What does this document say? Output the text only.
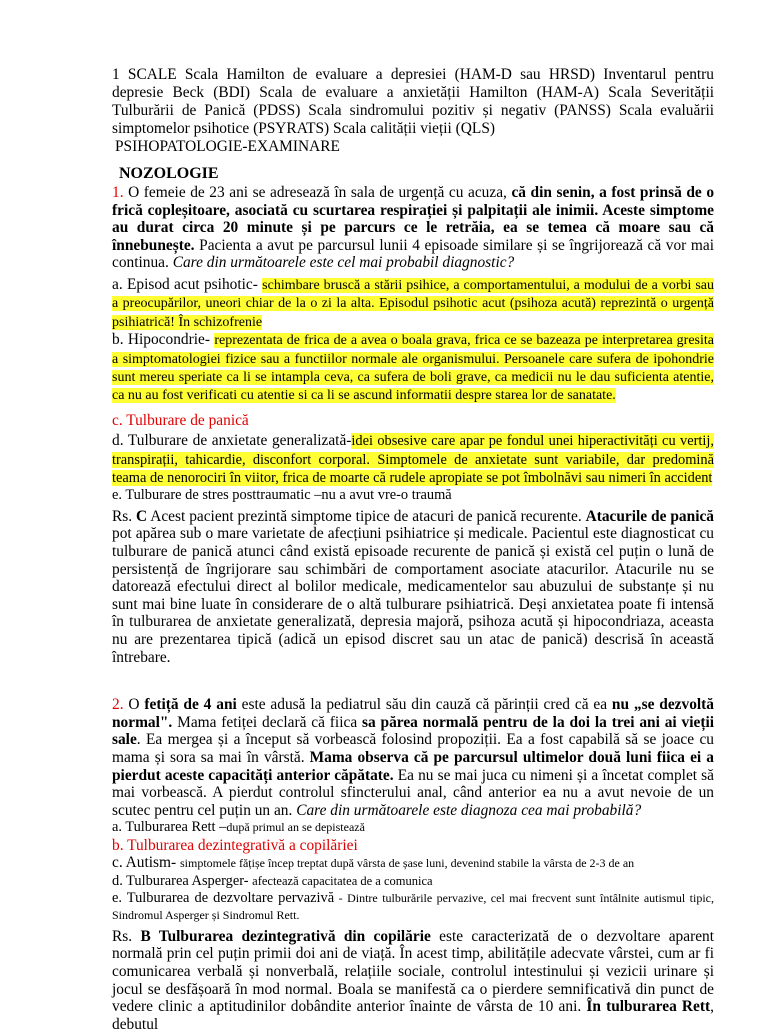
1 SCALE Scala Hamilton de evaluare a depresiei (HAM-D sau HRSD) Inventarul pentru depresie Beck (BDI) Scala de evaluare a anxietății Hamilton (HAM-A) Scala Severității Tulburării de Panică (PDSS) Scala sindromului pozitiv și negativ (PANSS) Scala evaluării simptomelor psihotice (PSYRATS) Scala calității vieții (QLS)

PSIHOPATOLOGIE-EXAMINARE

NOZOLOGIE

1. O femeie de 23 ani se adresează în sala de urgență cu acuza, că din senin, a fost prinsă de o frică copleșitoare, asociată cu scurtarea respirației și palpitații ale inimii. Aceste simptome au durat circa 20 minute și pe parcurs ce le retrăia, ea se temea că moare sau că înnebunește. Pacienta a avut pe parcursul lunii 4 episoade similare și se îngrijorează că vor mai continua. Care din următoarele este cel mai probabil diagnostic?

a. Episod acut psihotic- schimbare bruscă a stării psihice, a comportamentului, a modului de a vorbi sau a preocupărilor, uneori chiar de la o zi la alta. Episodul psihotic acut (psihoza acută) reprezintă o urgență psihiatrică! În schizofrenie

b. Hipocondrie- reprezentata de frica de a avea o boala grava, frica ce se bazeaza pe interpretarea gresita a simptomatologiei fizice sau a functiilor normale ale organismului. Persoanele care sufera de ipohondrie sunt mereu speriate ca li se intampla ceva, ca sufera de boli grave, ca medicii nu le dau suficienta atentie, ca nu au fost verificati cu atentie si ca li se ascund informatii despre starea lor de sanatate.

c. Tulburare de panică

d. Tulburare de anxietate generalizată-idei obsesive care apar pe fondul unei hiperactivități cu vertij, transpirații, tahicardie, disconfort corporal. Simptomele de anxietate sunt variabile, dar predomină teama de nenorociri în viitor, frica de moarte că rudele apropiate se pot îmbolnăvi sau nimeri în accident

e. Tulburare de stres posttraumatic –nu a avut vre-o traumă

Rs. C Acest pacient prezintă simptome tipice de atacuri de panică recurente. Atacurile de panică pot apărea sub o mare varietate de afecțiuni psihiatrice și medicale. Pacientul este diagnosticat cu tulburare de panică atunci când există episoade recurente de panică și există cel puțin o lună de persistență de îngrijorare sau schimbări de comportament asociate atacurilor. Atacurile nu se datorează efectului direct al bolilor medicale, medicamentelor sau abuzului de substanțe și nu sunt mai bine luate în considerare de o altă tulburare psihiatrică. Deși anxietatea poate fi intensă în tulburarea de anxietate generalizată, depresia majoră, psihoza acută și hipocondriaza, aceasta nu are prezentarea tipică (adică un episod discret sau un atac de panică) descrisă în această întrebare.

2. O fetiță de 4 ani este adusă la pediatrul său din cauză că părinții cred că ea nu „se dezvoltă normal". Mama fetiței declară că fiica sa părea normală pentru de la doi la trei ani ai vieții sale. Ea mergea și a început să vorbească folosind propoziții. Ea a fost capabilă să se joace cu mama și sora sa mai în vârstă. Mama observa că pe parcursul ultimelor două luni fiica ei a pierdut aceste capacități anterior căpătate. Ea nu se mai juca cu nimeni și a încetat complet să mai vorbească. A pierdut controlul sfincterului anal, când anterior ea nu a avut nevoie de un scutec pentru cel puțin un an. Care din următoarele este diagnoza cea mai probabilă?

a. Tulburarea Rett –după primul an se depistează

b. Tulburarea dezintegrativă a copilăriei

c. Autism- simptomele fățișe încep treptat după vârsta de șase luni, devenind stabile la vârsta de 2-3 de an

d. Tulburarea Asperger- afectează capacitatea de a comunica

e. Tulburarea de dezvoltare pervazivă - Dintre tulburările pervazive, cel mai frecvent sunt întâlnite autismul tipic, Sindromul Asperger și Sindromul Rett.

Rs. B Tulburarea dezintegrativă din copilărie este caracterizată de o dezvoltare aparent normală prin cel puțin primii doi ani de viață. În acest timp, abilitățile adecvate vârstei, cum ar fi comunicarea verbală și nonverbală, relațiile sociale, controlul intestinului și vezicii urinare și jocul se desfășoară în mod normal. Boala se manifestă ca o pierdere semnificativă din punct de vedere clinic a aptitudinilor dobândite anterior înainte de vârsta de 10 ani. În tulburarea Rett, debutul
